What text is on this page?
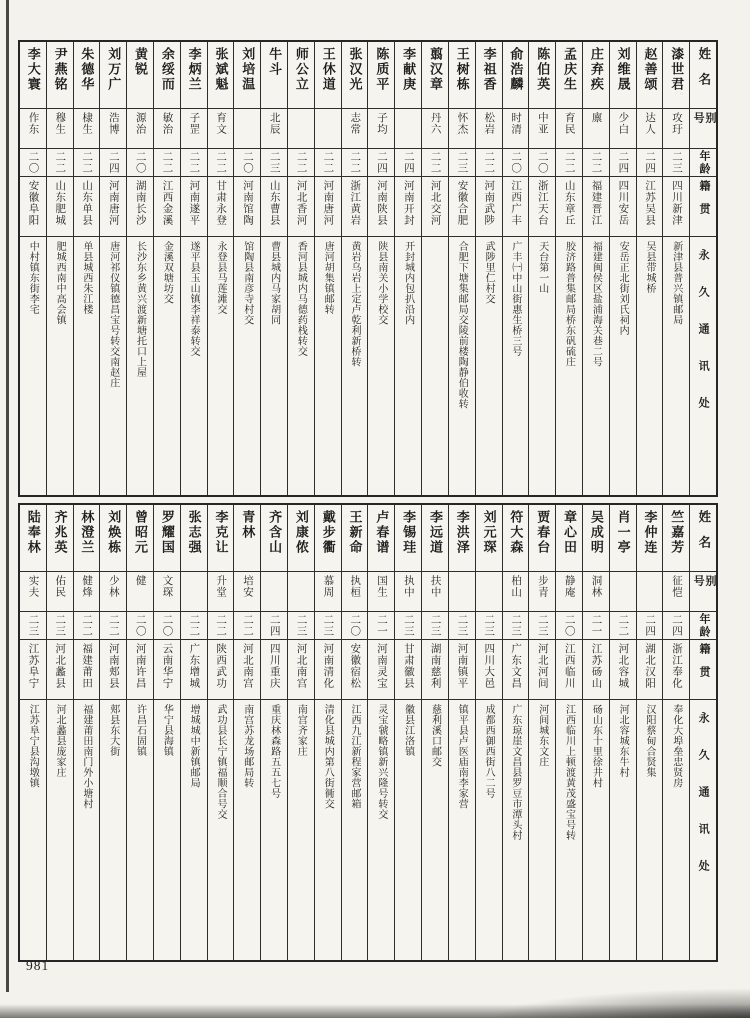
姓名
别号
年龄
籍贯
永久通讯处
漆世君
攻玗
二三
四川新津
新津县普兴镇邮局
赵善颂
达人
二四
江苏吴县
吴县带城桥
刘维晟
少白
二四
四川安岳
安岳正北街刘氏祠内
庄弃疾
廪
二二
福建晋江
福建闽侯区盐浦海关巷二号
孟庆生
育民
二二
山东章丘
胶济路普集邮局桥东矾硫庄
陈伯英
中亚
二〇
浙江天台
天台第一山
俞浩麟
时清
二〇
江西广丰
广丰㈠中山街惠生桥三号
李祖香
松岩
二二
河南武陟
武陟里仁村交
王树栋
怀杰
二三
安徽合肥
合肥下塘集邮局交陵前楼陶静伯收转
翦汉章
丹六
二二
河北交河
李献庚
二四
河南开封
开封城内包扒沿内
陈质平
子均
二四
河南陕县
陕县南关小学校交
张汉光
志常
二二
浙江黄岩
黄岩乌岩上定卢乾利新桥转
王休道
二二
河南唐河
唐河胡集镇邮转
师公立
二二
河北香河
香河县城内马德药栈转交
牛斗
北辰
二三
山东曹县
曹县城内马家胡同
刘培温
二〇
河南馆陶
馆陶县南彦寺村交
张斌魁
育文
二二
甘肃永登
永登县马莲滩交
李炳兰
子罡
二二
河南遂平
遂平县玉山镇李祥泰转交
余绥而
敏治
二二
江西金溪
金溪双塘坊交
黄锐
源治
二〇
湖南长沙
长沙东乡黄兴渡新塘托口上屋
刘万广
浩博
二四
河南唐河
唐河祁仪镇德昌宝号转交南赵庄
朱德华
棣生
二二
山东单县
单县城西朱江楼
尹燕铭
穆生
二二
山东肥城
肥城西南中高会镇
李大寰
作东
二〇
安徽阜阳
中村镇东街李宅
姓名
别号
年龄
籍贯
永久通讯处
竺嘉芳
征恺
二四
浙江奉化
奉化大埠垒忠贤房
李仲连
二四
湖北汉阳
汉阳蔡甸合贤集
肖一亭
二二
河北容城
河北容城东牛村
吴成明
洞林
二一
江苏砀山
砀山东十里徐井村
章心田
静庵
二〇
江西临川
江西临川上顿渡黄茂盛宝号转
贾春台
步青
二三
河北河间
河间城东文庄
符大森
柏山
二三
广东文昌
广东琼崖文昌县罗豆市潭头村
刘元琛
二三
四川大邑
成都西御西街八二号
李洪泽
二三
河南镇平
镇平县卢医庙南李家营
李远道
扶中
二三
湖南慈利
慈利溪口邮交
李锡珪
执中
二三
甘肃徽县
徽县江洛镇
卢春谱
国生
二一
河南灵宝
灵宝虢略镇新兴隆号转交
王新命
执桓
二〇
安徽宿松
江西九江新程家营邮箱
戴步衢
慕周
二三
河南清化
清化县城内第八街衕交
刘康侬
二三
河北南宫
南宫齐家庄
齐含山
二四
四川重庆
重庆林森路五五七号
青林
培安
二二
河北南宫
南宫苏龙场邮局转
李克让
升堂
二二
陕西武功
武功县长宁镇福顺合号交
张志强
二二
广东增城
增城城中新镇邮局
罗耀国
文琛
二〇
云南华宁
华宁县海镇
曾昭元
健
二〇
河南许昌
许昌石固镇
刘焕栋
少林
二二
河南郏县
郏县东大街
林澄兰
健烽
二二
福建莆田
福建莆田南门外小塘村
齐兆英
佑民
二三
河北蠡县
河北蠡县庞家庄
陆奉林
实夫
二三
江苏阜宁
江苏阜宁县沟墩镇
981
